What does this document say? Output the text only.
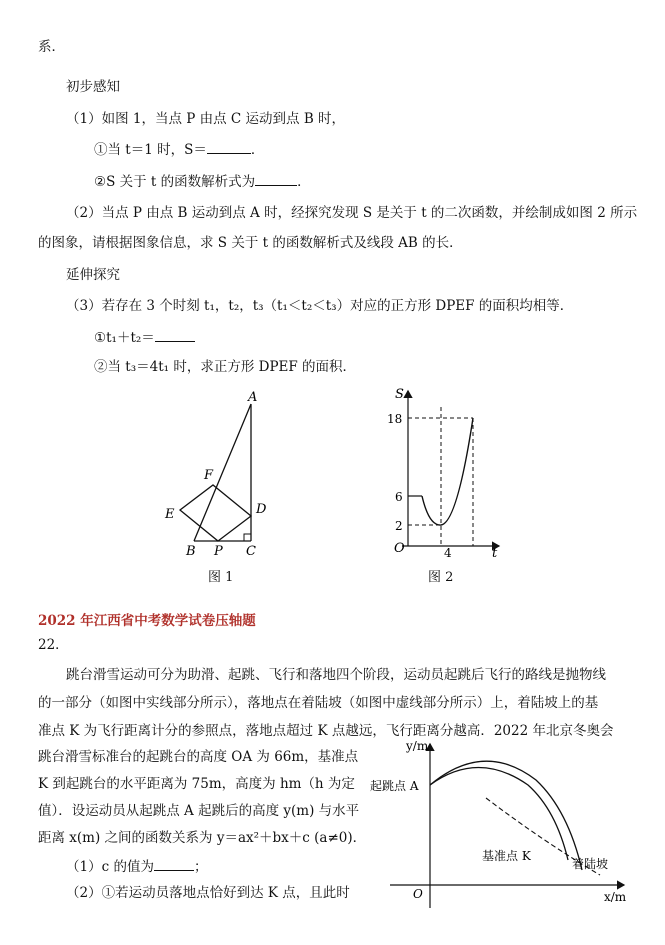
系．
初步感知
（1）如图 1，当点 P 由点 C 运动到点 B 时，
①当 t＝1 时，S＝	．
②S 关于 t 的函数解析式为	．
（2）当点 P 由点 B 运动到点 A 时，经探究发现 S 是关于 t 的二次函数，并绘制成如图 2 所示
的图象，请根据图象信息，求 S 关于 t 的函数解析式及线段 AB 的长．
延伸探究
（3）若存在 3 个时刻 t₁，t₂，t₃（t₁＜t₂＜t₃）对应的正方形 DPEF 的面积均相等．
①t₁＋t₂＝
②当 t₃＝4t₁ 时，求正方形 DPEF 的面积．
A
F
E	D
B P C
图 1
S
t
O
18
6
2
4
图 2
2022 年江西省中考数学试卷压轴题
22．
跳台滑雪运动可分为助滑、起跳、飞行和落地四个阶段，运动员起跳后飞行的路线是抛物线
的一部分（如图中实线部分所示），落地点在着陆坡（如图中虚线部分所示）上，着陆坡上的基
准点 K 为飞行距离计分的参照点，落地点超过 K 点越远，飞行距离分越高．2022 年北京冬奥会
跳台滑雪标准台的起跳台的高度 OA 为 66m，基准点
K 到起跳台的水平距离为 75m，高度为 hm（h 为定
值）．设运动员从起跳点 A 起跳后的高度 y(m) 与水平
距离 x(m) 之间的函数关系为 y＝ax²＋bx＋c (a≠0)．
（1）c 的值为	；
（2）①若运动员落地点恰好到达 K 点，且此时
y/m
x/m
O
起跳点 A
基准点 K
着陆坡
